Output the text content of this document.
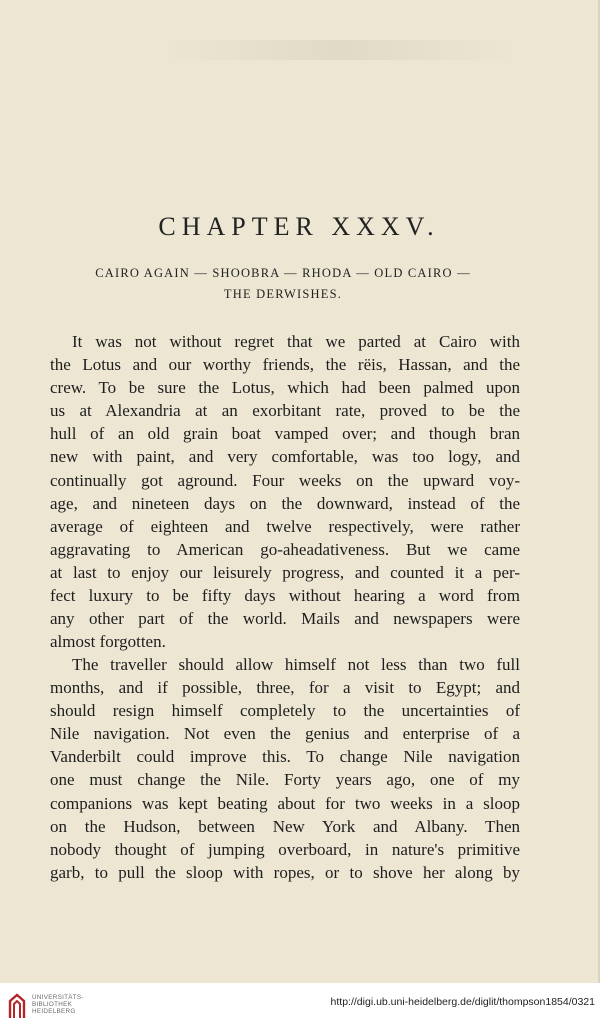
CHAPTER XXXV.
CAIRO AGAIN — SHOOBRA — RHODA — OLD CAIRO —
THE DERWISHES.
It was not without regret that we parted at Cairo with
the Lotus and our worthy friends, the rëis, Hassan, and the
crew. To be sure the Lotus, which had been palmed upon
us at Alexandria at an exorbitant rate, proved to be the
hull of an old grain boat vamped over; and though bran
new with paint, and very comfortable, was too logy, and
continually got aground. Four weeks on the upward voy-
age, and nineteen days on the downward, instead of the
average of eighteen and twelve respectively, were rather
aggravating to American go-aheadativeness. But we came
at last to enjoy our leisurely progress, and counted it a per-
fect luxury to be fifty days without hearing a word from
any other part of the world. Mails and newspapers were
almost forgotten.
The traveller should allow himself not less than two full
months, and if possible, three, for a visit to Egypt; and
should resign himself completely to the uncertainties of
Nile navigation. Not even the genius and enterprise of a
Vanderbilt could improve this. To change Nile navigation
one must change the Nile. Forty years ago, one of my
companions was kept beating about for two weeks in a sloop
on the Hudson, between New York and Albany. Then
nobody thought of jumping overboard, in nature's primitive
garb, to pull the sloop with ropes, or to shove her along by
UNIVERSITÄTS-
BIBLIOTHEK
HEIDELBERG
http://digi.ub.uni-heidelberg.de/diglit/thompson1854/0321
